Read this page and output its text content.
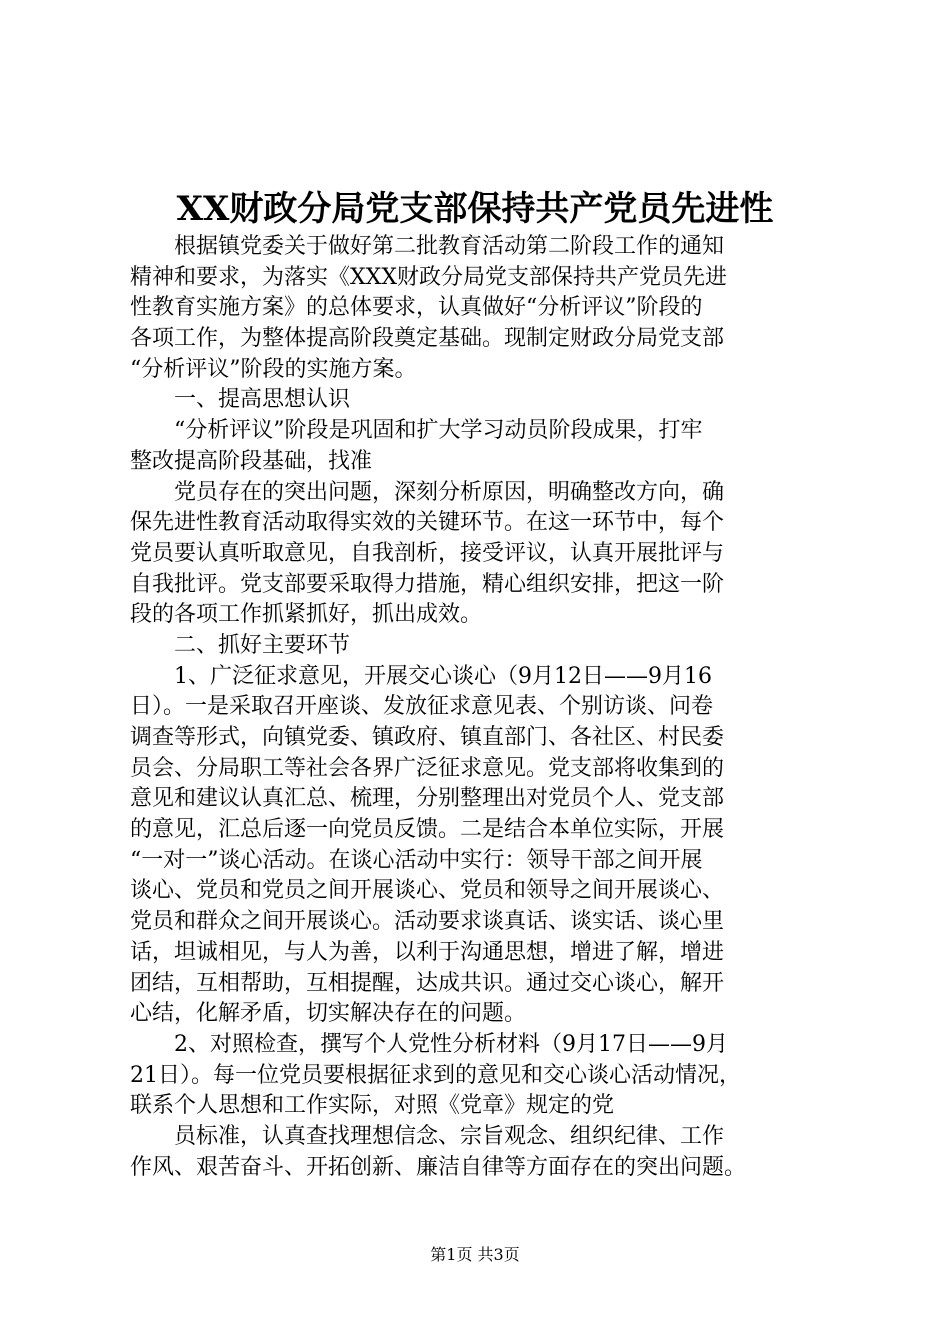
XX财政分局党支部保持共产党员先进性
　　根据镇党委关于做好第二批教育活动第二阶段工作的通知
精神和要求，为落实《XXX财政分局党支部保持共产党员先进
性教育实施方案》的总体要求，认真做好“分析评议”阶段的
各项工作，为整体提高阶段奠定基础。现制定财政分局党支部
“分析评议”阶段的实施方案。
　　一、提高思想认识
　　“分析评议”阶段是巩固和扩大学习动员阶段成果，打牢
整改提高阶段基础，找准
　　党员存在的突出问题，深刻分析原因，明确整改方向，确
保先进性教育活动取得实效的关键环节。在这一环节中，每个
党员要认真听取意见，自我剖析，接受评议，认真开展批评与
自我批评。党支部要采取得力措施，精心组织安排，把这一阶
段的各项工作抓紧抓好，抓出成效。
　　二、抓好主要环节
　　1、广泛征求意见，开展交心谈心（9月12日——9月16
日）。一是采取召开座谈、发放征求意见表、个别访谈、问卷
调查等形式，向镇党委、镇政府、镇直部门、各社区、村民委
员会、分局职工等社会各界广泛征求意见。党支部将收集到的
意见和建议认真汇总、梳理，分别整理出对党员个人、党支部
的意见，汇总后逐一向党员反馈。二是结合本单位实际，开展
“一对一”谈心活动。在谈心活动中实行：领导干部之间开展
谈心、党员和党员之间开展谈心、党员和领导之间开展谈心、
党员和群众之间开展谈心。活动要求谈真话、谈实话、谈心里
话，坦诚相见，与人为善，以利于沟通思想，增进了解，增进
团结，互相帮助，互相提醒，达成共识。通过交心谈心，解开
心结，化解矛盾，切实解决存在的问题。
　　2、对照检查，撰写个人党性分析材料（9月17日——9月
21日）。每一位党员要根据征求到的意见和交心谈心活动情况，
联系个人思想和工作实际，对照《党章》规定的党
　　员标准，认真查找理想信念、宗旨观念、组织纪律、工作
作风、艰苦奋斗、开拓创新、廉洁自律等方面存在的突出问题。
第1页 共3页
